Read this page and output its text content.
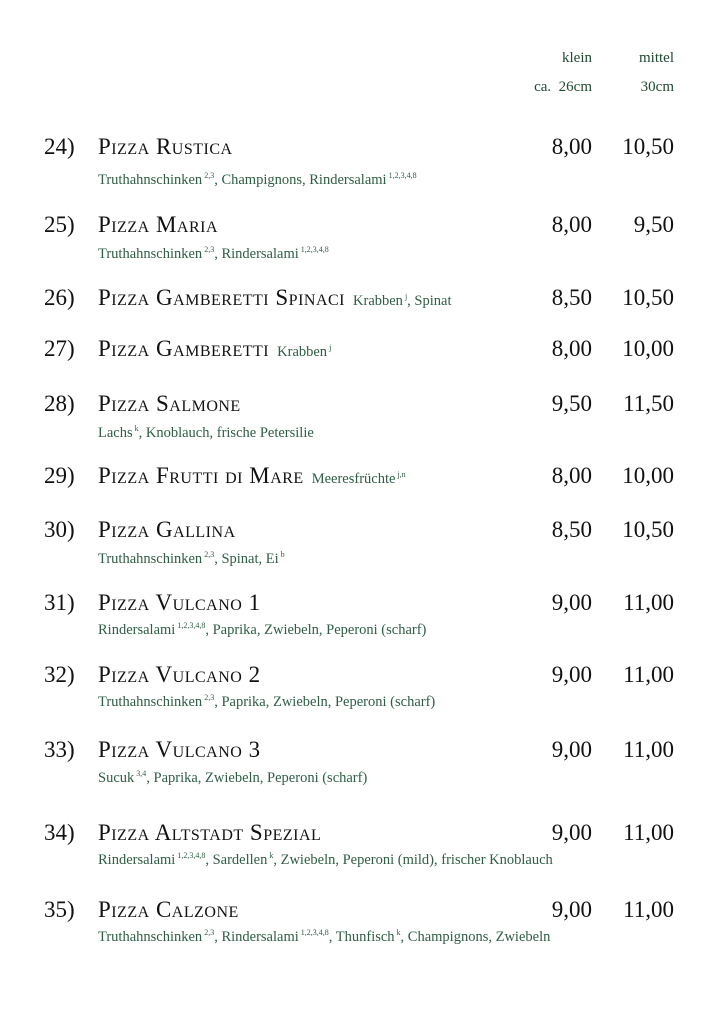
klein	mittel
ca.  26cm	30cm
24) Pizza Rustica	8,00	10,50
Truthahnschinken $^{2,3}$, Champignons, Rindersalami $^{1,2,3,4,8}$
25) Pizza Maria	8,00	9,50
Truthahnschinken $^{2,3}$, Rindersalami $^{1,2,3,4,8}$
26) Pizza Gamberetti Spinaci Krabben $^j$, Spinat	8,50	10,50
27) Pizza Gamberetti Krabben $^j$	8,00	10,00
28) Pizza Salmone	9,50	11,50
Lachs $^k$, Knoblauch, frische Petersilie
29) Pizza Frutti di Mare Meeresfrüchte $^{j,n}$	8,00	10,00
30) Pizza Gallina	8,50	10,50
Truthahnschinken $^{2,3}$, Spinat, Ei $^b$
31) Pizza Vulcano 1	9,00	11,00
Rindersalami $^{1,2,3,4,8}$, Paprika, Zwiebeln, Peperoni (scharf)
32) Pizza Vulcano 2	9,00	11,00
Truthahnschinken $^{2,3}$, Paprika, Zwiebeln, Peperoni (scharf)
33) Pizza Vulcano 3	9,00	11,00
Sucuk $^{3,4}$, Paprika, Zwiebeln, Peperoni (scharf)
34) Pizza Altstadt Spezial	9,00	11,00
Rindersalami $^{1,2,3,4,8}$, Sardellen $^k$, Zwiebeln, Peperoni (mild), frischer Knoblauch
35) Pizza Calzone	9,00	11,00
Truthahnschinken $^{2,3}$, Rindersalami $^{1,2,3,4,8}$, Thunfisch $^k$, Champignons, Zwiebeln
